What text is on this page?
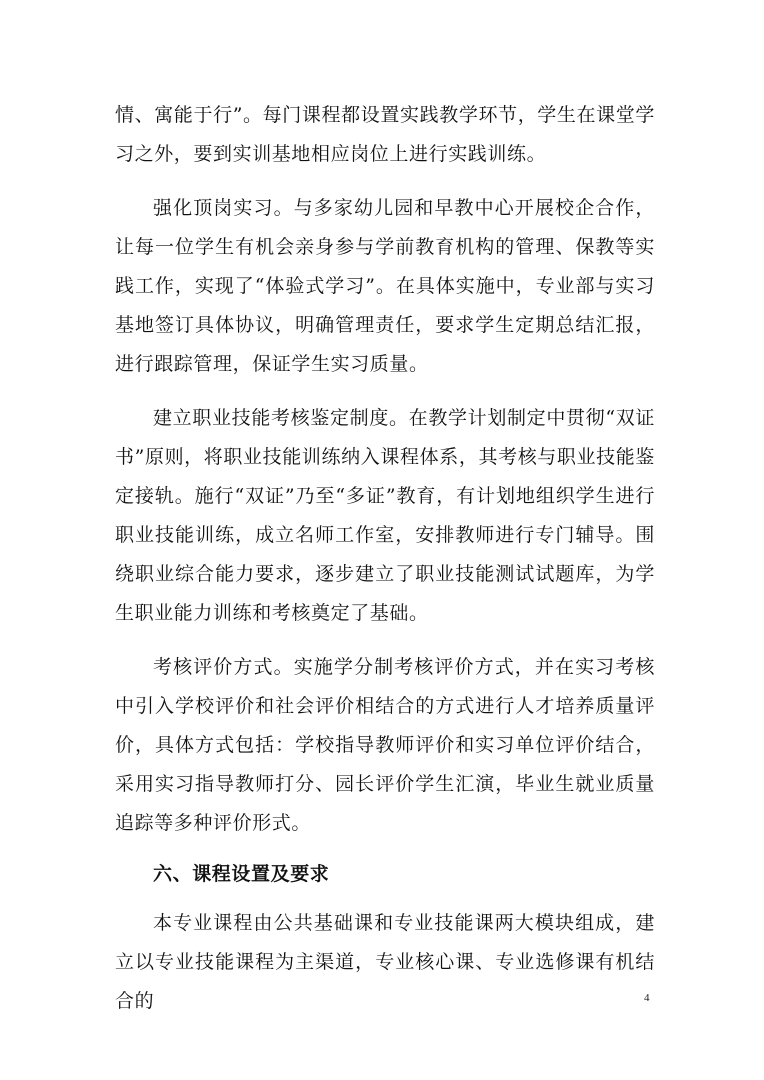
情、寓能于行”。每门课程都设置实践教学环节，学生在课堂学习之外，要到实训基地相应岗位上进行实践训练。

强化顶岗实习。与多家幼儿园和早教中心开展校企合作，让每一位学生有机会亲身参与学前教育机构的管理、保教等实践工作，实现了“体验式学习”。在具体实施中，专业部与实习基地签订具体协议，明确管理责任，要求学生定期总结汇报，进行跟踪管理，保证学生实习质量。

建立职业技能考核鉴定制度。在教学计划制定中贯彻“双证书”原则，将职业技能训练纳入课程体系，其考核与职业技能鉴定接轨。施行“双证”乃至“多证”教育，有计划地组织学生进行职业技能训练，成立名师工作室，安排教师进行专门辅导。围绕职业综合能力要求，逐步建立了职业技能测试试题库，为学生职业能力训练和考核奠定了基础。

考核评价方式。实施学分制考核评价方式，并在实习考核中引入学校评价和社会评价相结合的方式进行人才培养质量评价，具体方式包括：学校指导教师评价和实习单位评价结合，采用实习指导教师打分、园长评价学生汇演，毕业生就业质量追踪等多种评价形式。

六、课程设置及要求

本专业课程由公共基础课和专业技能课两大模块组成，建立以专业技能课程为主渠道，专业核心课、专业选修课有机结合的	4
